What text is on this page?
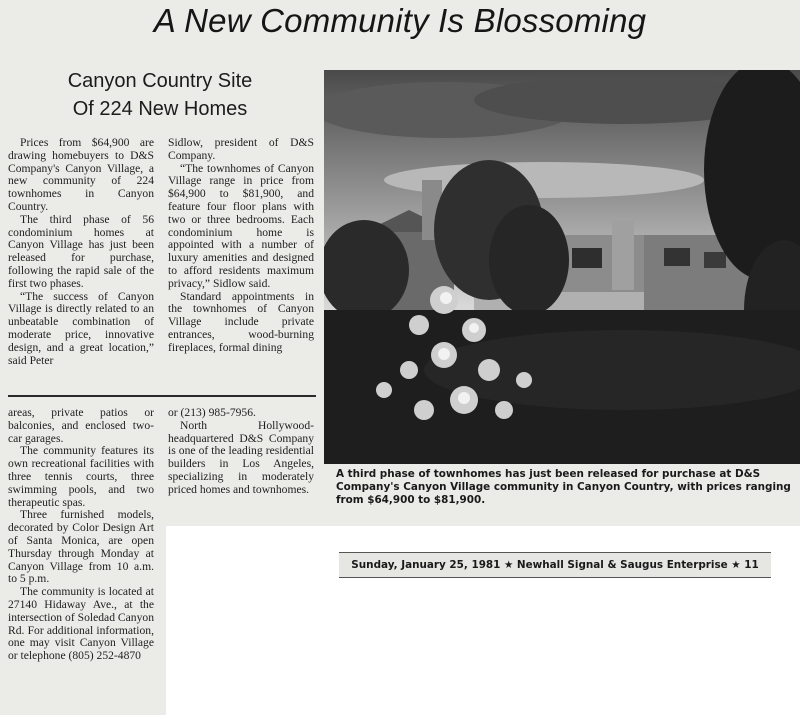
A New Community Is Blossoming
Canyon Country Site
Of 224 New Homes

Prices from $64,900 are drawing homebuyers to D&S Company's Canyon Village, a new community of 224 townhomes in Canyon Country.

The third phase of 56 condominium homes at Canyon Village has just been released for purchase, following the rapid sale of the first two phases.

“The success of Canyon Village is directly related to an unbeatable combination of moderate price, innovative design, and a great location,” said Peter

Sidlow, president of D&S Company.

“The townhomes of Canyon Village range in price from $64,900 to $81,900, and feature four floor plans with two or three bedrooms. Each condominium home is appointed with a number of luxury amenities and designed to afford residents maximum privacy,” Sidlow said.

Standard appointments in the townhomes of Canyon Village include private entrances, wood-burning fireplaces, formal dining

areas, private patios or balconies, and enclosed two-car garages.

The community features its own recreational facilities with three tennis courts, three swimming pools, and two therapeutic spas.

Three furnished models, decorated by Color Design Art of Santa Monica, are open Thursday through Monday at Canyon Village from 10 a.m. to 5 p.m.

The community is located at 27140 Hidaway Ave., at the intersection of Soledad Canyon Rd. For additional information, one may visit Canyon Village or telephone (805) 252-4870

or (213) 985-7956.

North Hollywood-headquartered D&S Company is one of the leading residential builders in Los Angeles, specializing in moderately priced homes and townhomes.

A third phase of townhomes has just been released for purchase at D&S Company's Canyon Village community in Canyon Country, with prices ranging from $64,900 to $81,900.
Sunday, January 25, 1981 ★ Newhall Signal & Saugus Enterprise ★ 11
